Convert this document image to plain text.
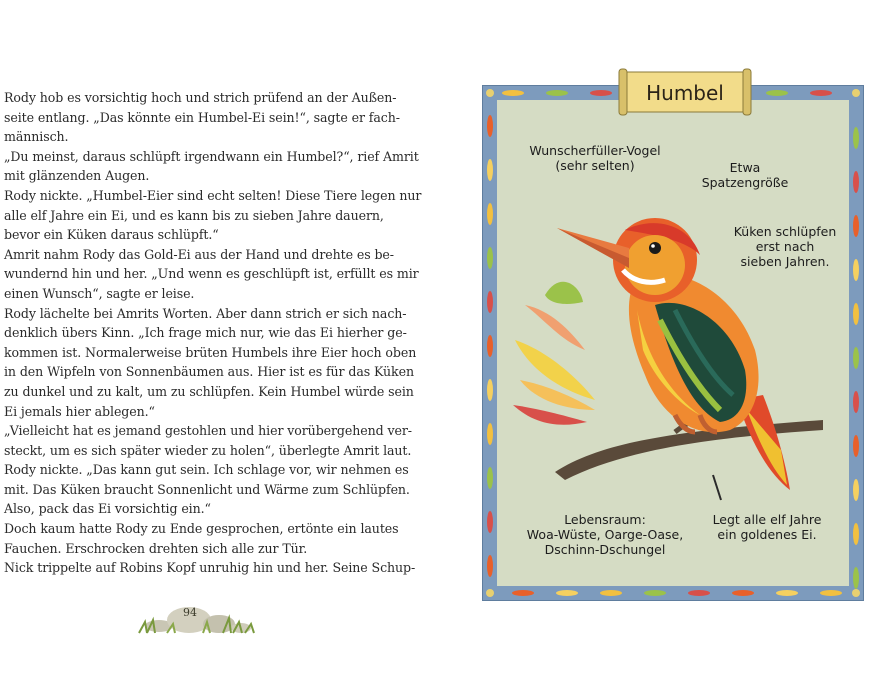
Rody hob es vorsichtig hoch und strich prüfend an der Außen-
seite entlang. „Das könnte ein Humbel-Ei sein!“, sagte er fach-
männisch.
„Du meinst, daraus schlüpft irgendwann ein Humbel?“, rief Amrit
mit glänzenden Augen.
Rody nickte. „Humbel-Eier sind echt selten! Diese Tiere legen nur
alle elf Jahre ein Ei, und es kann bis zu sieben Jahre dauern,
bevor ein Küken daraus schlüpft.“
Amrit nahm Rody das Gold-Ei aus der Hand und drehte es be-
wundernd hin und her. „Und wenn es geschlüpft ist, erfüllt es mir
einen Wunsch“, sagte er leise.
Rody lächelte bei Amrits Worten. Aber dann strich er sich nach-
denklich übers Kinn. „Ich frage mich nur, wie das Ei hierher ge-
kommen ist. Normalerweise brüten Humbels ihre Eier hoch oben
in den Wipfeln von Sonnenbäumen aus. Hier ist es für das Küken
zu dunkel und zu kalt, um zu schlüpfen. Kein Humbel würde sein
Ei jemals hier ablegen.“
„Vielleicht hat es jemand gestohlen und hier vorübergehend ver-
steckt, um es sich später wieder zu holen“, überlegte Amrit laut.
Rody nickte. „Das kann gut sein. Ich schlage vor, wir nehmen es
mit. Das Küken braucht Sonnenlicht und Wärme zum Schlüpfen.
Also, pack das Ei vorsichtig ein.“
Doch kaum hatte Rody zu Ende gesprochen, ertönte ein lautes
Fauchen. Erschrocken drehten sich alle zur Tür.
Nick trippelte auf Robins Kopf unruhig hin und her. Seine Schup-
94
Humbel
Wunscherfüller-Vogel
(sehr selten)	Etwa
Spatzengröße
Küken schlüpfen
erst nach
sieben Jahren.
Lebensraum:
Woa-Wüste, Oarge-Oase,
Dschinn-Dschungel
Legt alle elf Jahre
ein goldenes Ei.
